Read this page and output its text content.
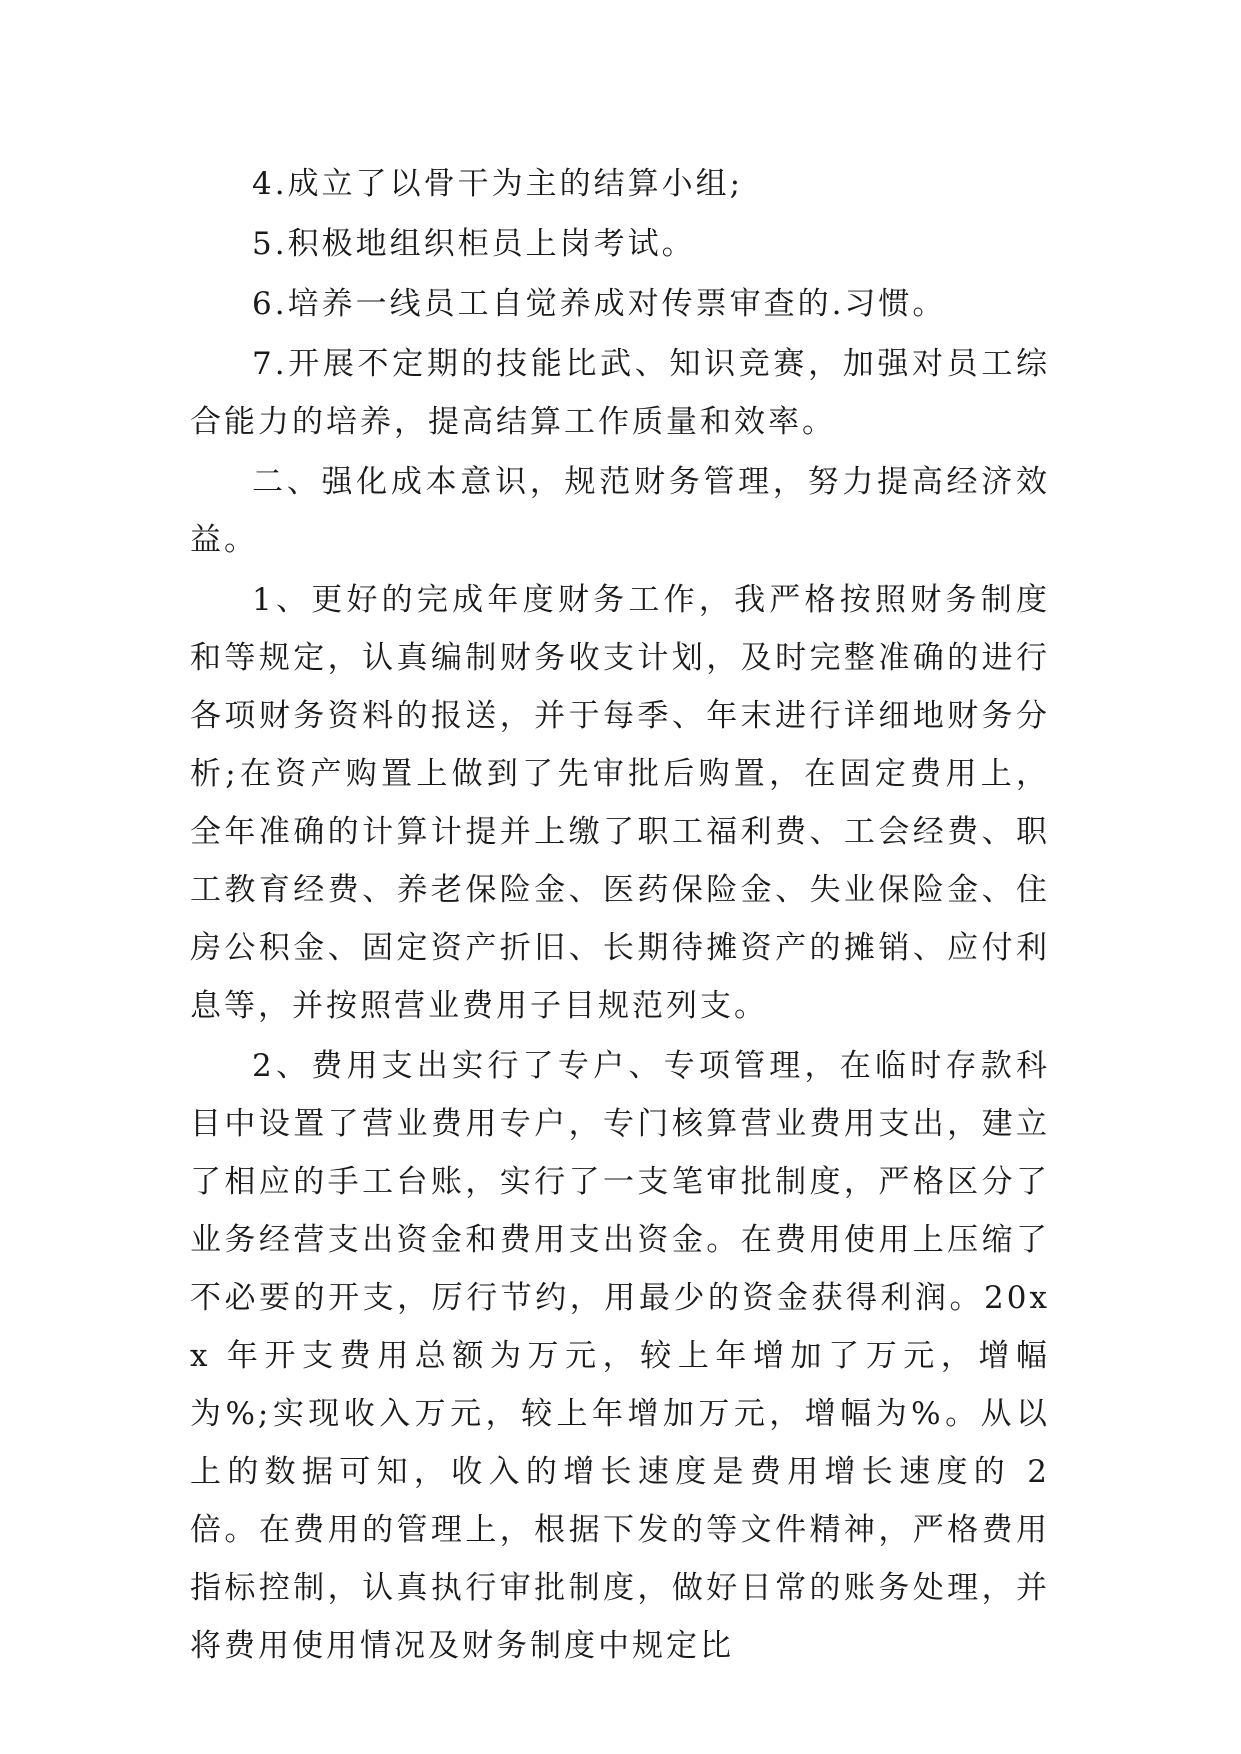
4.成立了以骨干为主的结算小组;

5.积极地组织柜员上岗考试。

6.培养一线员工自觉养成对传票审查的.习惯。

7.开展不定期的技能比武、知识竞赛，加强对员工综合能力的培养，提高结算工作质量和效率。

二、强化成本意识，规范财务管理，努力提高经济效益。

1、更好的完成年度财务工作，我严格按照财务制度和等规定，认真编制财务收支计划，及时完整准确的进行各项财务资料的报送，并于每季、年末进行详细地财务分析;在资产购置上做到了先审批后购置，在固定费用上，全年准确的计算计提并上缴了职工福利费、工会经费、职工教育经费、养老保险金、医药保险金、失业保险金、住房公积金、固定资产折旧、长期待摊资产的摊销、应付利息等，并按照营业费用子目规范列支。

2、费用支出实行了专户、专项管理，在临时存款科目中设置了营业费用专户，专门核算营业费用支出，建立了相应的手工台账，实行了一支笔审批制度，严格区分了业务经营支出资金和费用支出资金。在费用使用上压缩了不必要的开支，厉行节约，用最少的资金获得利润。20xx 年开支费用总额为万元，较上年增加了万元，增幅为%;实现收入万元，较上年增加万元，增幅为%。从以上的数据可知，收入的增长速度是费用增长速度的 2 倍。在费用的管理上，根据下发的等文件精神，严格费用指标控制，认真执行审批制度，做好日常的账务处理，并将费用使用情况及财务制度中规定比
